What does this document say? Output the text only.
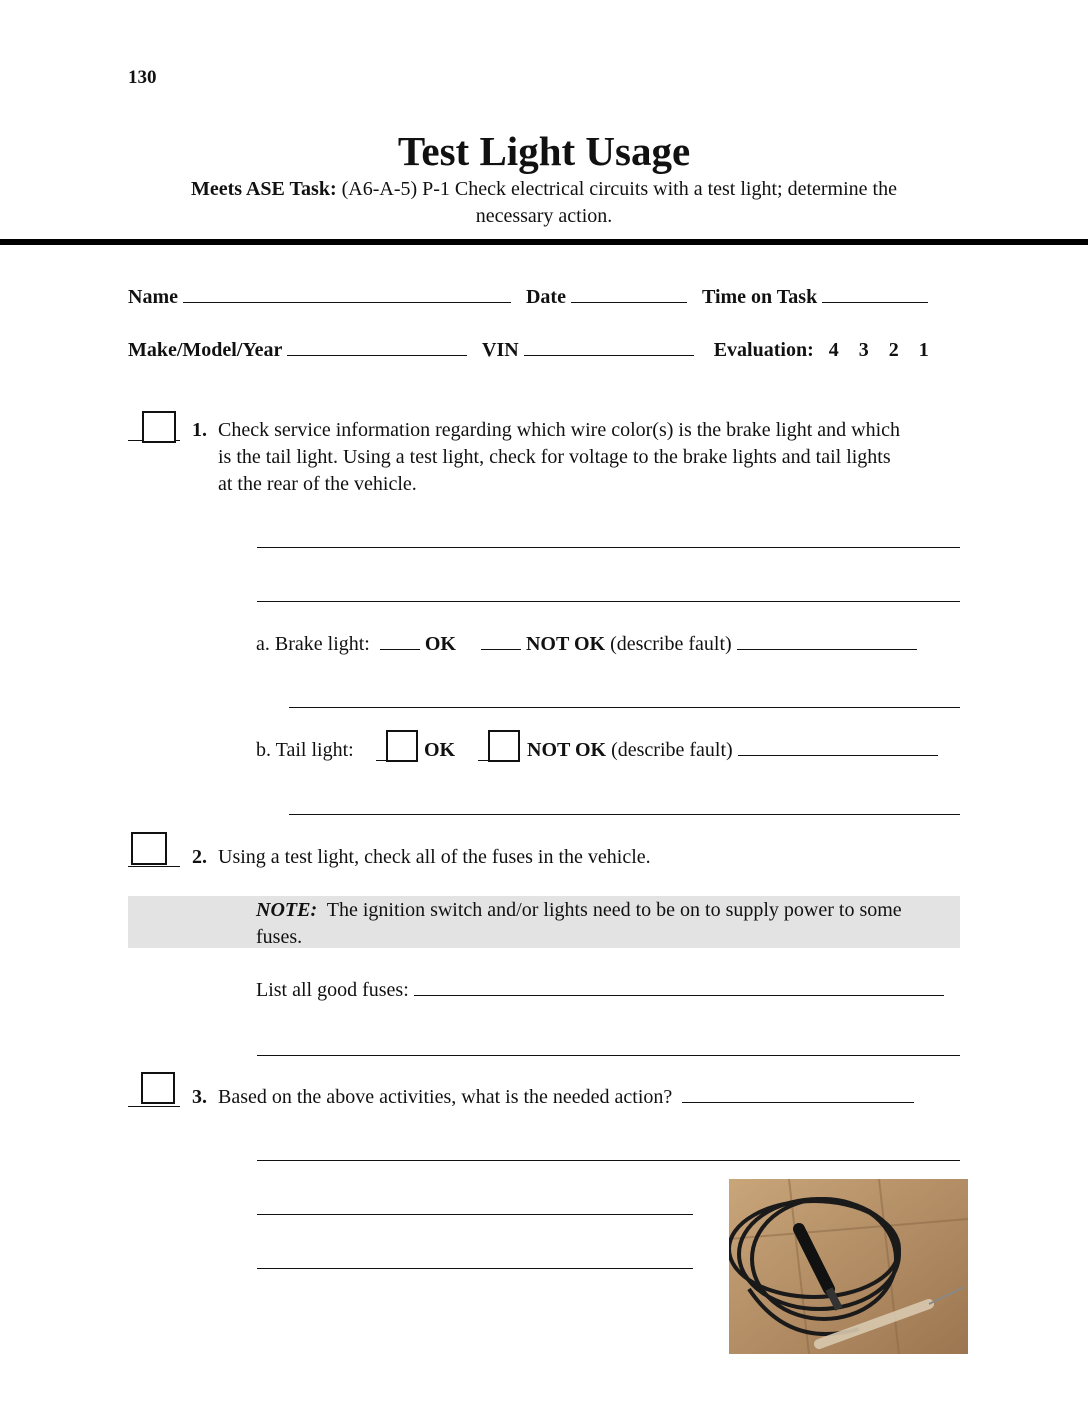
130
Test Light Usage
Meets ASE Task: (A6-A-5) P-1 Check electrical circuits with a test light; determine the
necessary action.
Name	Date	Time on Task
Make/Model/Year	VIN	Evaluation: 4 3 2 1
1. Check service information regarding which wire color(s) is the brake light and which
is the tail light. Using a test light, check for voltage to the brake lights and tail lights
at the rear of the vehicle.
a. Brake light:	OK	NOT OK (describe fault)
b. Tail light:	OK	NOT OK (describe fault)
2. Using a test light, check all of the fuses in the vehicle.
NOTE: The ignition switch and/or lights need to be on to supply power to some
fuses.
List all good fuses:
3. Based on the above activities, what is the needed action?
